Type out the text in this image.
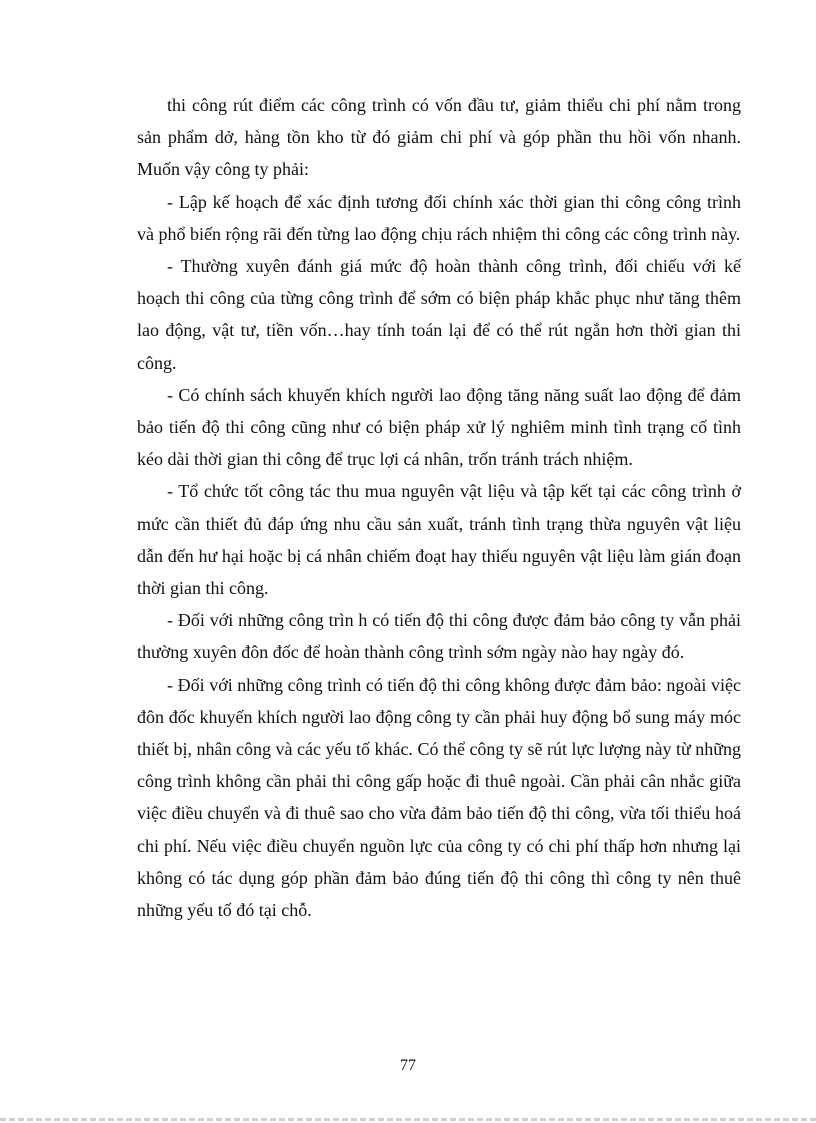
thi công rút điểm các công trình có vốn đầu tư, giảm thiểu chi phí nằm trong sản phẩm dở, hàng tồn kho từ đó giảm chi phí và góp phần thu hồi vốn nhanh. Muốn vậy công ty phải:

- Lập kế hoạch để xác định tương đối chính xác thời gian thi công công trình và phổ biến rộng rãi đến từng lao động chịu rách nhiệm thi công các công trình này.

- Thường xuyên đánh giá mức độ hoàn thành công trình, đối chiếu với kế hoạch thi công của từng công trình để sớm có biện pháp khắc phục như tăng thêm lao động, vật tư, tiền vốn…hay tính toán lại để có thể rút ngắn hơn thời gian thi công.

- Có chính sách khuyến khích người lao động tăng năng suất lao động để đảm bảo tiến độ thi công cũng như có biện pháp xử lý nghiêm minh tình trạng cố tình kéo dài thời gian thi công để trục lợi cá nhân, trốn tránh trách nhiệm.

- Tổ chức tốt công tác thu mua nguyên vật liệu và tập kết tại các công trình ở mức cần thiết đủ đáp ứng nhu cầu sản xuất, tránh tình trạng thừa nguyên vật liệu dẫn đến hư hại hoặc bị cá nhân chiếm đoạt hay thiếu nguyên vật liệu làm gián đoạn thời gian thi công.

- Đối với những công trìn h có tiến độ thi công được đảm bảo công ty vẫn phải thường xuyên đôn đốc để hoàn thành công trình sớm ngày nào hay ngày đó.

- Đối với những công trình có tiến độ thi công không được đảm bảo: ngoài việc đôn đốc khuyến khích người lao động công ty cần phải huy động bổ sung máy móc thiết bị, nhân công và các yếu tố khác. Có thể công ty sẽ rút lực lượng này từ những công trình không cần phải thi công gấp hoặc đi thuê ngoài. Cần phải cân nhắc giữa việc điều chuyển và đi thuê sao cho vừa đảm bảo tiến độ thi công, vừa tối thiểu hoá chi phí. Nếu việc điều chuyển nguồn lực của công ty có chi phí thấp hơn nhưng lại không có tác dụng góp phần đảm bảo đúng tiến độ thi công thì công ty nên thuê những yếu tố đó tại chỗ.

77
